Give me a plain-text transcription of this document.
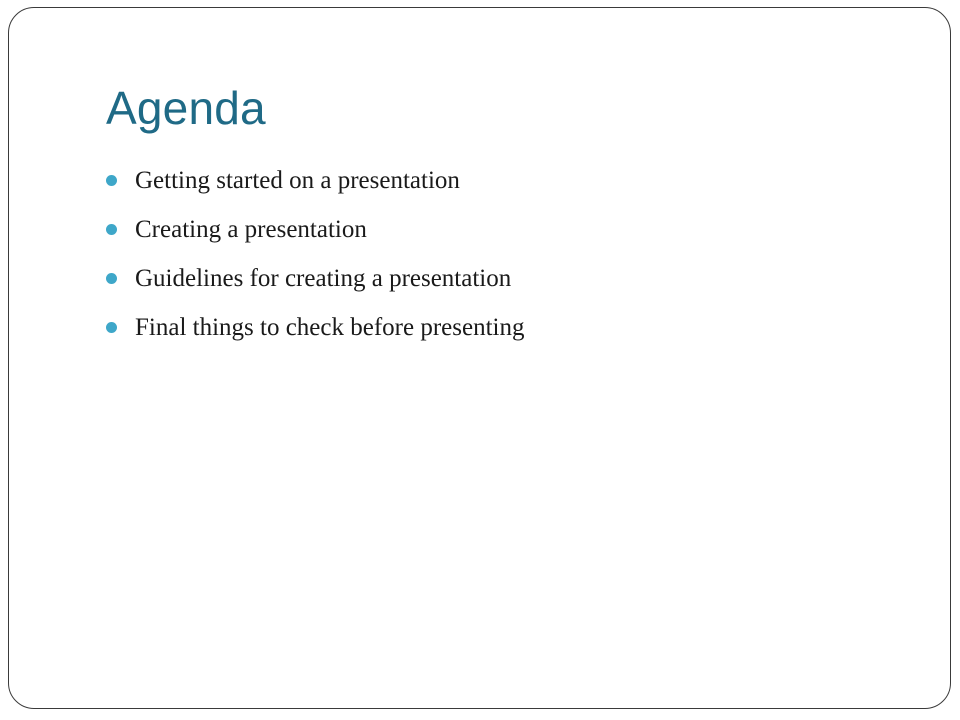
Agenda
Getting started on a presentation
Creating a presentation
Guidelines for creating a presentation
Final things to check before presenting
